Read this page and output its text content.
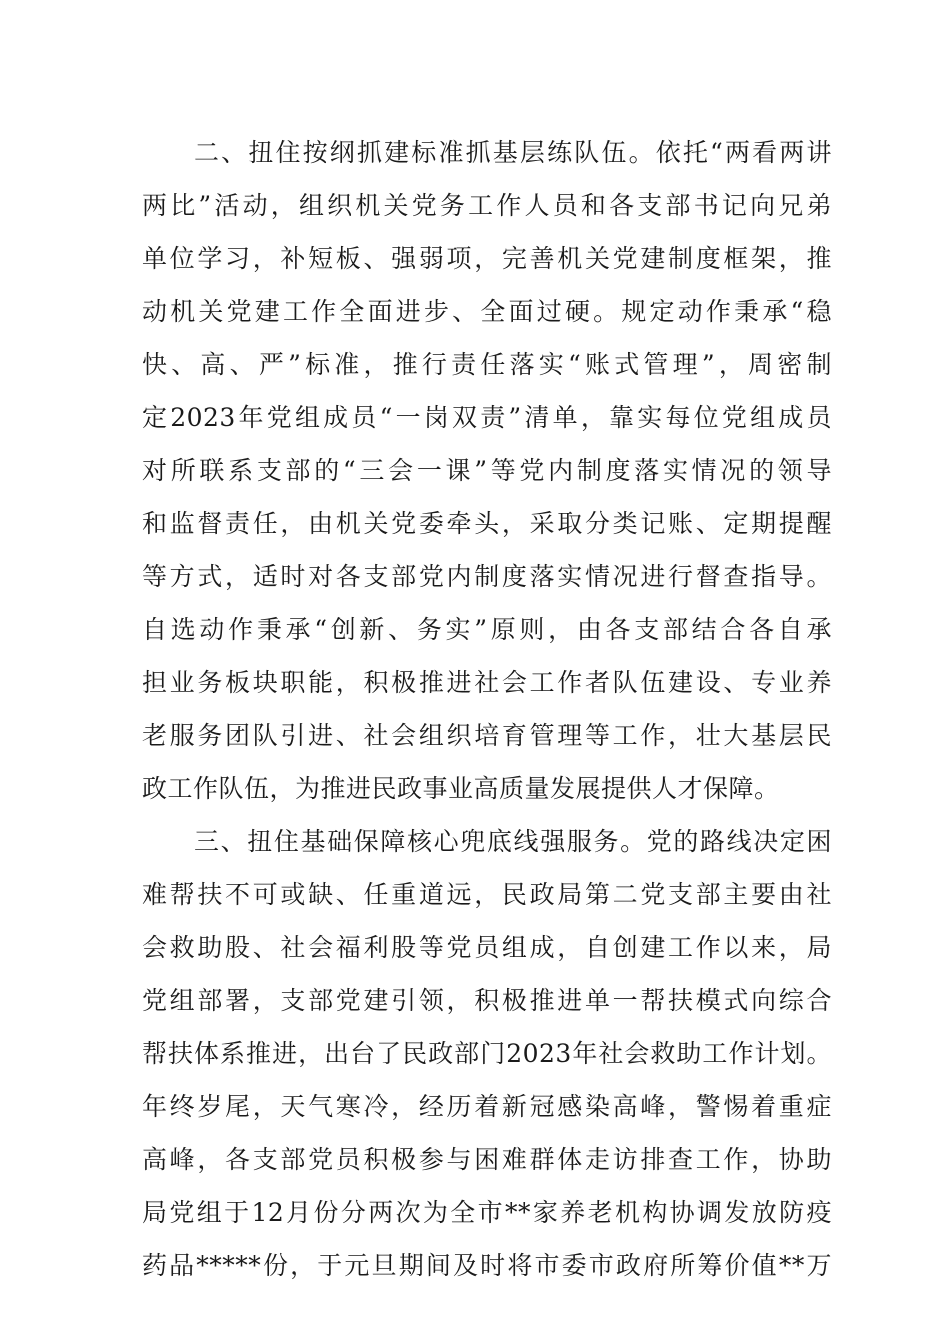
二、扭住按纲抓建标准抓基层练队伍。依托“两看两讲
两比”活动，组织机关党务工作人员和各支部书记向兄弟
单位学习，补短板、强弱项，完善机关党建制度框架，推
动机关党建工作全面进步、全面过硬。规定动作秉承“稳
快、高、严”标准，推行责任落实“账式管理”，周密制
定2023年党组成员“一岗双责”清单，靠实每位党组成员
对所联系支部的“三会一课”等党内制度落实情况的领导
和监督责任，由机关党委牵头，采取分类记账、定期提醒
等方式，适时对各支部党内制度落实情况进行督查指导。
自选动作秉承“创新、务实”原则，由各支部结合各自承
担业务板块职能，积极推进社会工作者队伍建设、专业养
老服务团队引进、社会组织培育管理等工作，壮大基层民
政工作队伍，为推进民政事业高质量发展提供人才保障。
三、扭住基础保障核心兜底线强服务。党的路线决定困
难帮扶不可或缺、任重道远，民政局第二党支部主要由社
会救助股、社会福利股等党员组成，自创建工作以来，局
党组部署，支部党建引领，积极推进单一帮扶模式向综合
帮扶体系推进，出台了民政部门2023年社会救助工作计划。
年终岁尾，天气寒冷，经历着新冠感染高峰，警惕着重症
高峰，各支部党员积极参与困难群体走访排查工作，协助
局党组于12月份分两次为全市**家养老机构协调发放防疫
药品*****份，于元旦期间及时将市委市政府所筹价值**万
